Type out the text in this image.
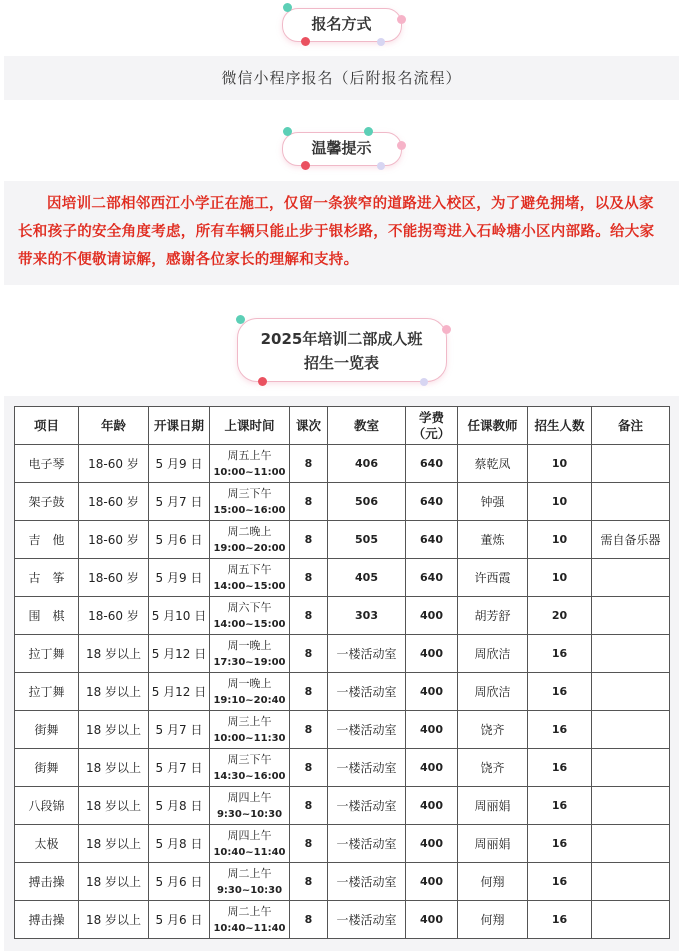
报名方式
微信小程序报名（后附报名流程）
温馨提示
因培训二部相邻西江小学正在施工，仅留一条狭窄的道路进入校区，为了避免拥堵，以及从家长和孩子的安全角度考虑，所有车辆只能止步于银杉路，不能拐弯进入石岭塘小区内部路。给大家带来的不便敬请谅解，感谢各位家长的理解和支持。
2025年培训二部成人班
招生一览表
项目	年龄	开课日期	上课时间	课次	教室	学费（元）	任课教师	招生人数	备注
电子琴	18-60 岁	5 月9 日	周五上午
10:00~11:00	8	406	640	蔡乾凤	10	
架子鼓	18-60 岁	5 月7 日	周三下午
15:00~16:00	8	506	640	钟强	10	
吉　他	18-60 岁	5 月6 日	周二晚上
19:00~20:00	8	505	640	董炼	10	需自备乐器
古　筝	18-60 岁	5 月9 日	周五下午
14:00~15:00	8	405	640	许西霞	10	
围　棋	18-60 岁	5 月10 日	周六下午
14:00~15:00	8	303	400	胡芳舒	20	
拉丁舞	18 岁以上	5 月12 日	周一晚上
17:30~19:00	8	一楼活动室	400	周欣洁	16	
拉丁舞	18 岁以上	5 月12 日	周一晚上
19:10~20:40	8	一楼活动室	400	周欣洁	16	
街舞	18 岁以上	5 月7 日	周三上午
10:00~11:30	8	一楼活动室	400	饶齐	16	
街舞	18 岁以上	5 月7 日	周三下午
14:30~16:00	8	一楼活动室	400	饶齐	16	
八段锦	18 岁以上	5 月8 日	周四上午
9:30~10:30	8	一楼活动室	400	周丽娟	16	
太极	18 岁以上	5 月8 日	周四上午
10:40~11:40	8	一楼活动室	400	周丽娟	16	
搏击操	18 岁以上	5 月6 日	周二上午
9:30~10:30	8	一楼活动室	400	何翔	16	
搏击操	18 岁以上	5 月6 日	周二上午
10:40~11:40	8	一楼活动室	400	何翔	16	
